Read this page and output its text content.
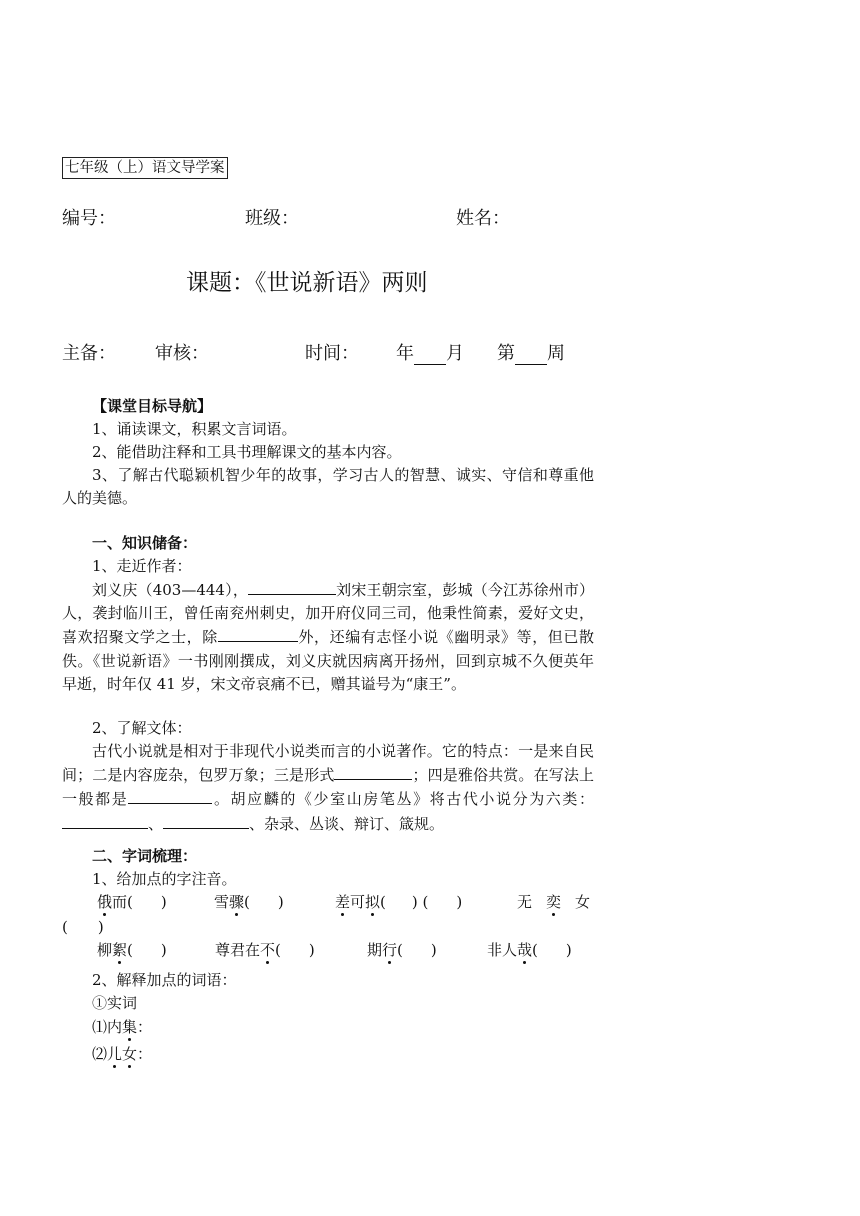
七年级（上）语文导学案
编号：	班级：	姓名：
课题：《世说新语》两则
主备： 审核：	时间： 年 月 第 周
【课堂目标导航】
1、诵读课文，积累文言词语。
2、能借助注释和工具书理解课文的基本内容。

3、了解古代聪颖机智少年的故事，学习古人的智慧、诚实、守信和尊重他人的美德。

一、知识储备：
1、走近作者：

刘义庆（403—444），	刘宋王朝宗室，彭城（今江苏徐州市）人，袭封临川王，曾任南兖州刺史，加开府仪同三司，他秉性简素，爱好文史，喜欢招聚文学之士，除	外，还编有志怪小说《幽明录》等，但已散佚。《世说新语》一书刚刚撰成，刘义庆就因病离开扬州，回到京城不久便英年早逝，时年仅 41 岁，宋文帝哀痛不已，赠其谥号为“康王”。

2、了解文体：

古代小说就是相对于非现代小说类而言的小说著作。它的特点：一是来自民间；二是内容庞杂，包罗万象；三是形式	；四是雅俗共赏。在写法上一般都是	。胡应麟的《少室山房笔丛》将古代小说分为六类：、	、杂录、丛谈、辩订、箴规。

二、字词梳理：
1、给加点的字注音。
俄而( )	雪骤( )	差可拟( ) ( )	无 奕 女
( )
柳絮( )	尊君在不( )	期行( )	非人哉( )
2、解释加点的词语：
①实词
⑴内集：
⑵儿女：
